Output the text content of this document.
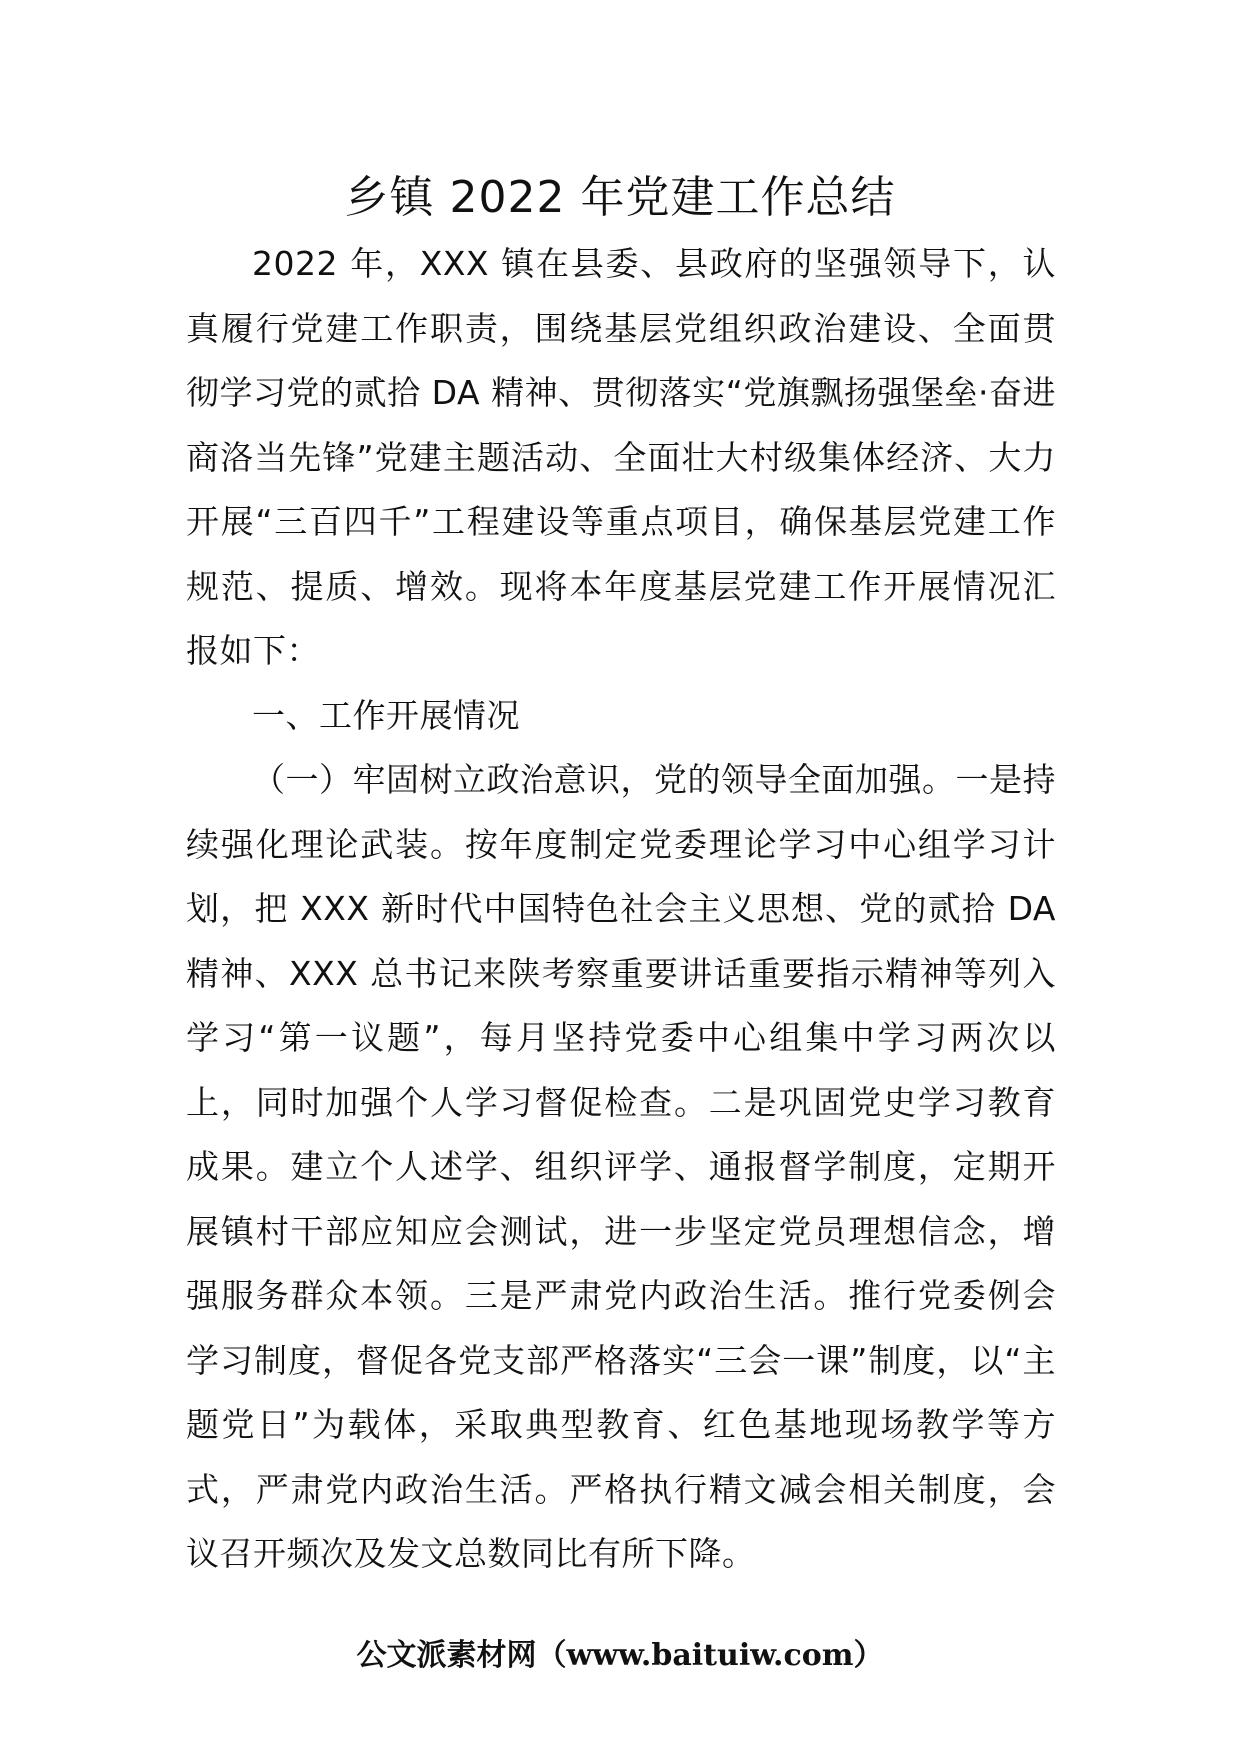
乡镇 2022 年党建工作总结

2022 年，XXX 镇在县委、县政府的坚强领导下，认真履行党建工作职责，围绕基层党组织政治建设、全面贯彻学习党的贰拾 DA 精神、贯彻落实“党旗飘扬强堡垒·奋进商洛当先锋”党建主题活动、全面壮大村级集体经济、大力开展“三百四千”工程建设等重点项目，确保基层党建工作规范、提质、增效。现将本年度基层党建工作开展情况汇报如下：

一、工作开展情况

（一）牢固树立政治意识，党的领导全面加强。一是持续强化理论武装。按年度制定党委理论学习中心组学习计划，把 XXX 新时代中国特色社会主义思想、党的贰拾 DA 精神、XXX 总书记来陕考察重要讲话重要指示精神等列入学习“第一议题”，每月坚持党委中心组集中学习两次以上，同时加强个人学习督促检查。二是巩固党史学习教育成果。建立个人述学、组织评学、通报督学制度，定期开展镇村干部应知应会测试，进一步坚定党员理想信念，增强服务群众本领。三是严肃党内政治生活。推行党委例会学习制度，督促各党支部严格落实“三会一课”制度，以“主题党日”为载体，采取典型教育、红色基地现场教学等方式，严肃党内政治生活。严格执行精文减会相关制度，会议召开频次及发文总数同比有所下降。

公文派素材网（www.baituiw.com）
